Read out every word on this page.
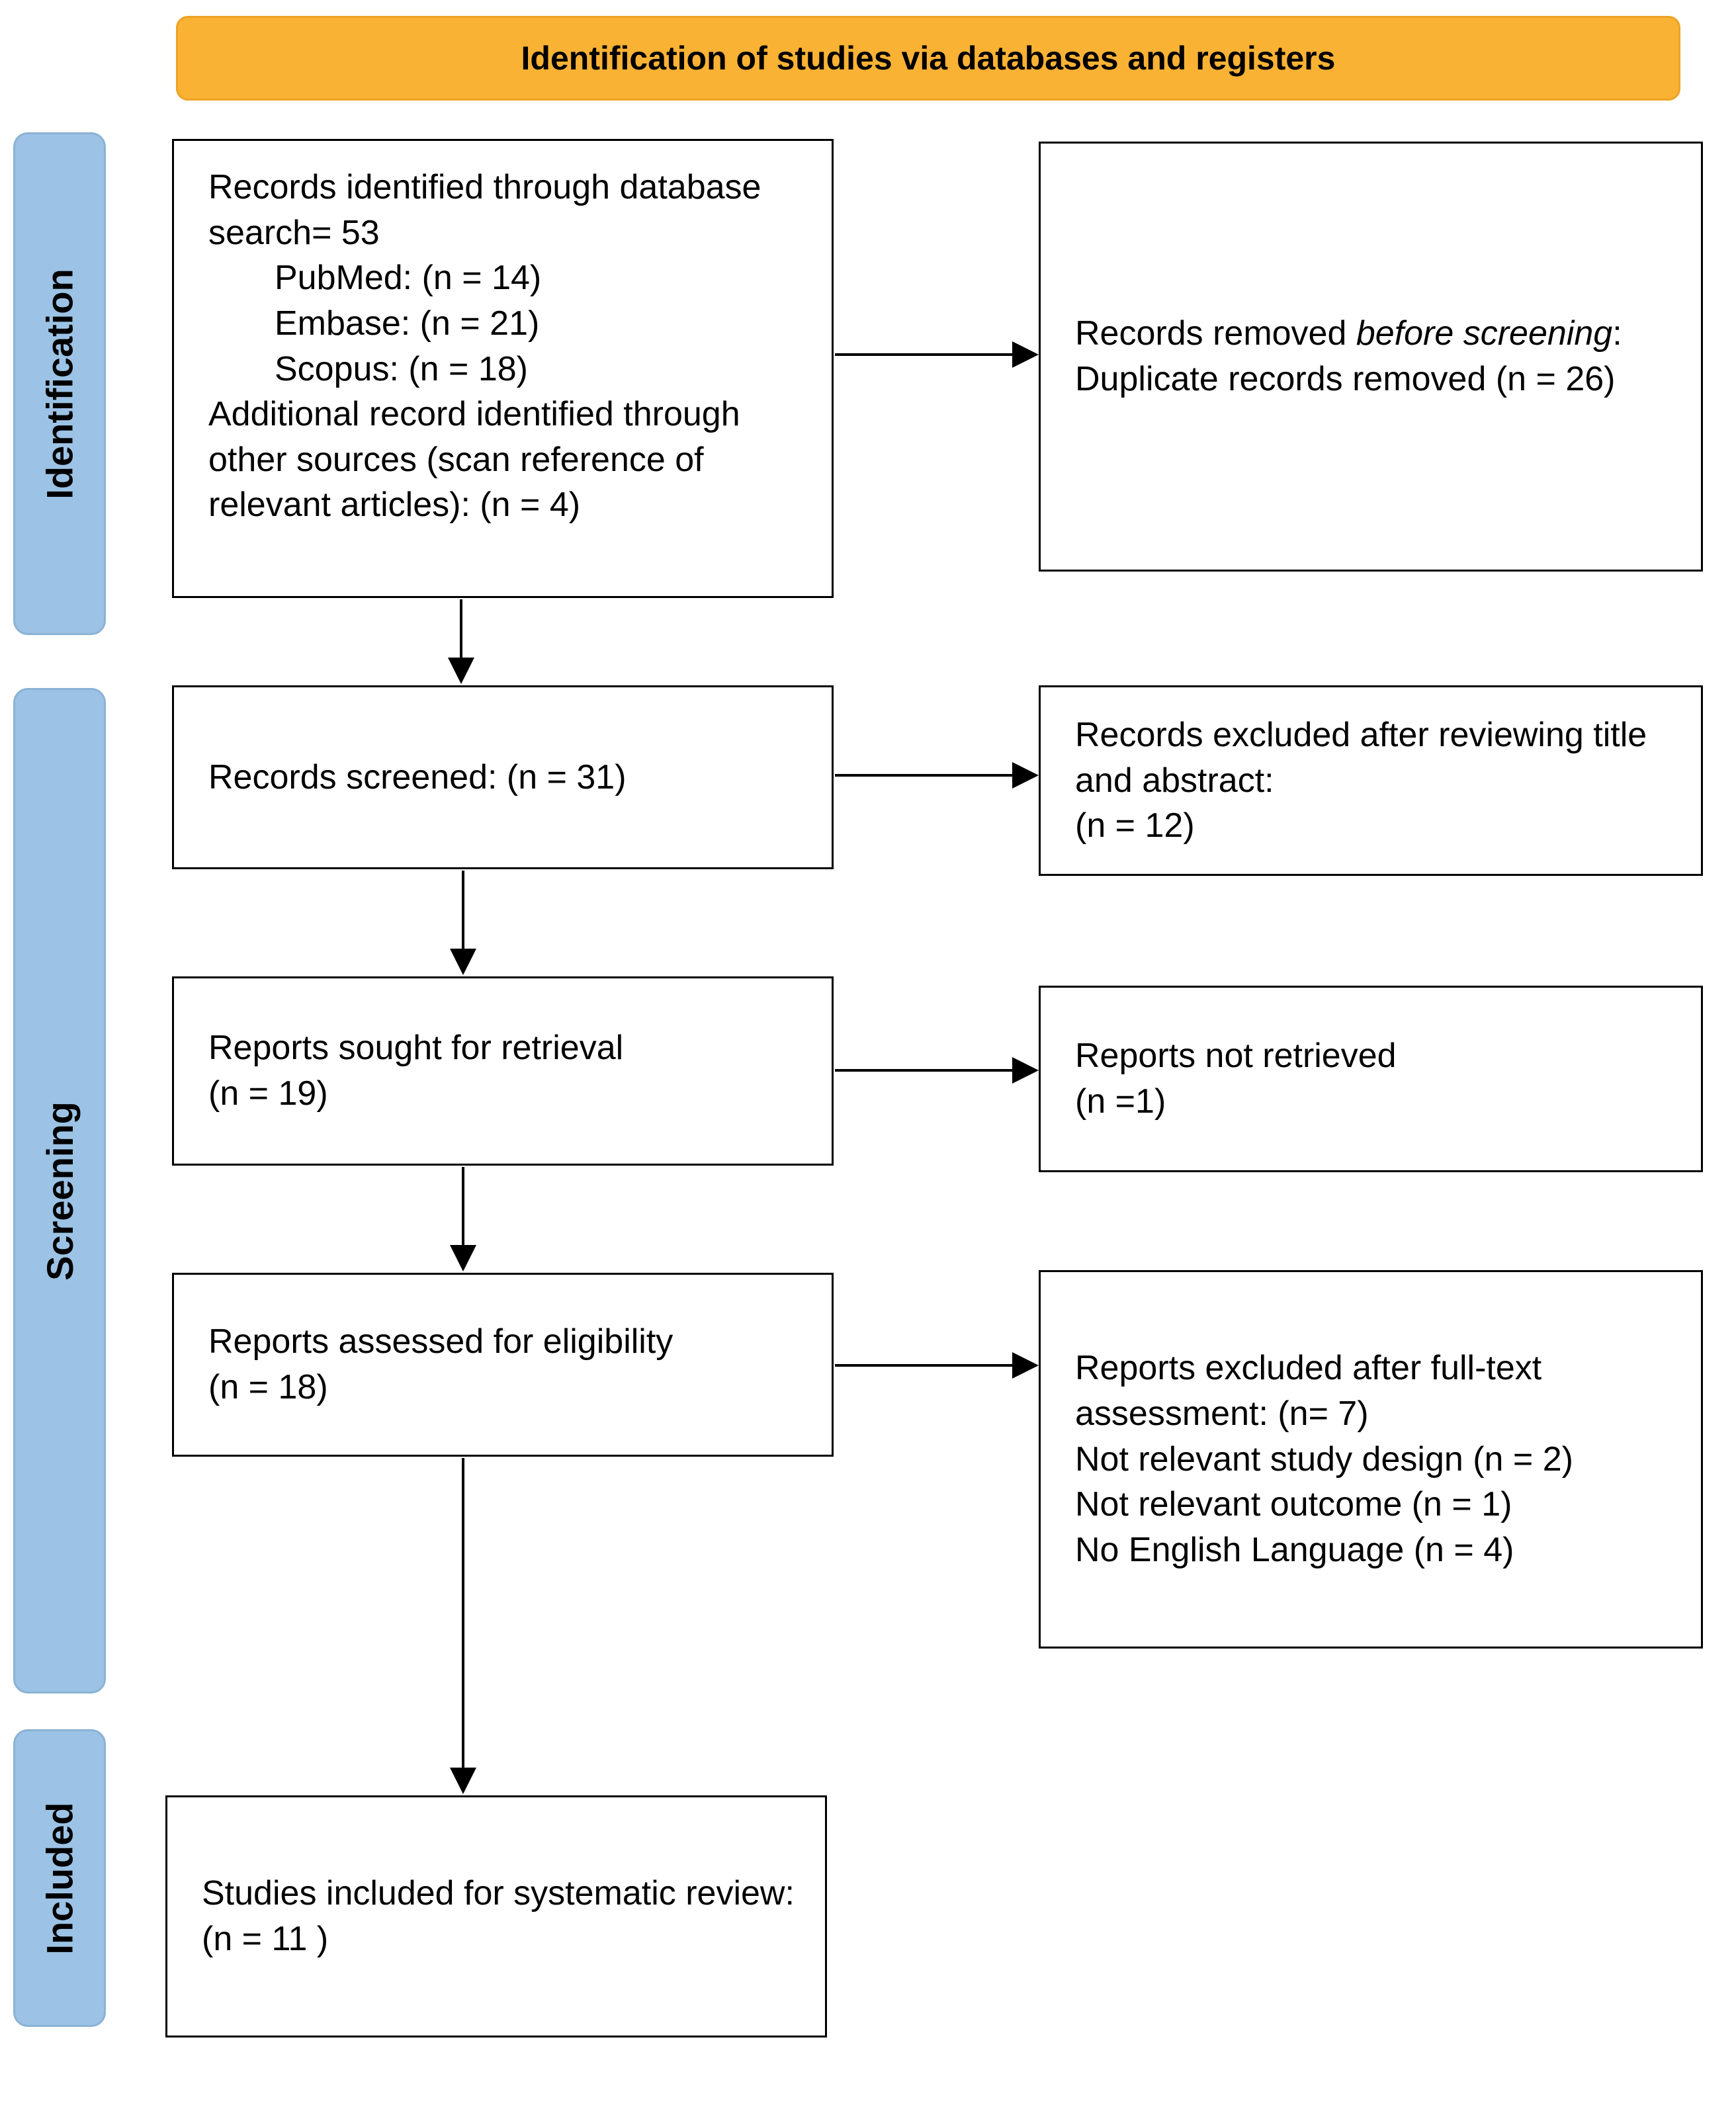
Identification of studies via databases and registers
Identification
Screening
Included
Records identified through database search= 53
PubMed: (n = 14)
Embase: (n = 21)
Scopus: (n = 18)
Additional record identified through other sources (scan reference of relevant articles): (n = 4)
Records screened: (n = 31)
Reports sought for retrieval
(n = 19)
Reports assessed for eligibility
(n = 18)
Studies included for systematic review: (n = 11 )
Records removed before screening:
Duplicate records removed (n = 26)
Records excluded after reviewing title and abstract:
(n = 12)
Reports not retrieved
(n =1)
Reports excluded after full-text assessment: (n= 7)
Not relevant study design (n = 2)
Not relevant outcome (n = 1)
No English Language (n = 4)
